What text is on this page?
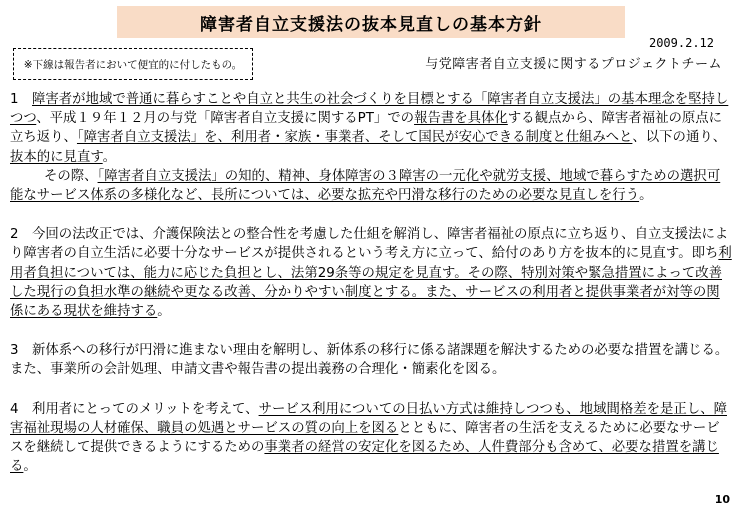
障害者自立支援法の抜本見直しの基本方針
2009.2.12
与党障害者自立支援に関するプロジェクトチーム
※下線は報告者において便宜的に付したもの。

1 障害者が地域で普通に暮らすことや自立と共生の社会づくりを目標とする「障害者自立支援法」の基本理念を堅持しつつ、平成１９年１２月の与党「障害者自立支援に関するPT」での報告書を具体化する観点から、障害者福祉の原点に立ち返り、「障害者自立支援法」を、利用者・家族・事業者、そして国民が安心できる制度と仕組みへと、以下の通り、抜本的に見直す。
その際、「障害者自立支援法」の知的、精神、身体障害の３障害の一元化や就労支援、地域で暮らすための選択可能なサービス体系の多様化など、長所については、必要な拡充や円滑な移行のための必要な見直しを行う。

2 今回の法改正では、介護保険法との整合性を考慮した仕組を解消し、障害者福祉の原点に立ち返り、自立支援法により障害者の自立生活に必要十分なサービスが提供されるという考え方に立って、給付のあり方を抜本的に見直す。即ち利用者負担については、能力に応じた負担とし、法第29条等の規定を見直す。その際、特別対策や緊急措置によって改善した現行の負担水準の継続や更なる改善、分かりやすい制度とする。また、サービスの利用者と提供事業者が対等の関係にある現状を維持する。

3 新体系への移行が円滑に進まない理由を解明し、新体系の移行に係る諸課題を解決するための必要な措置を講じる。また、事業所の会計処理、申請文書や報告書の提出義務の合理化・簡素化を図る。

4 利用者にとってのメリットを考えて、サービス利用についての日払い方式は維持しつつも、地域間格差を是正し、障害福祉現場の人材確保、職員の処遇とサービスの質の向上を図るとともに、障害者の生活を支えるために必要なサービスを継続して提供できるようにするための事業者の経営の安定化を図るため、人件費部分も含めて、必要な措置を講じる。

10
